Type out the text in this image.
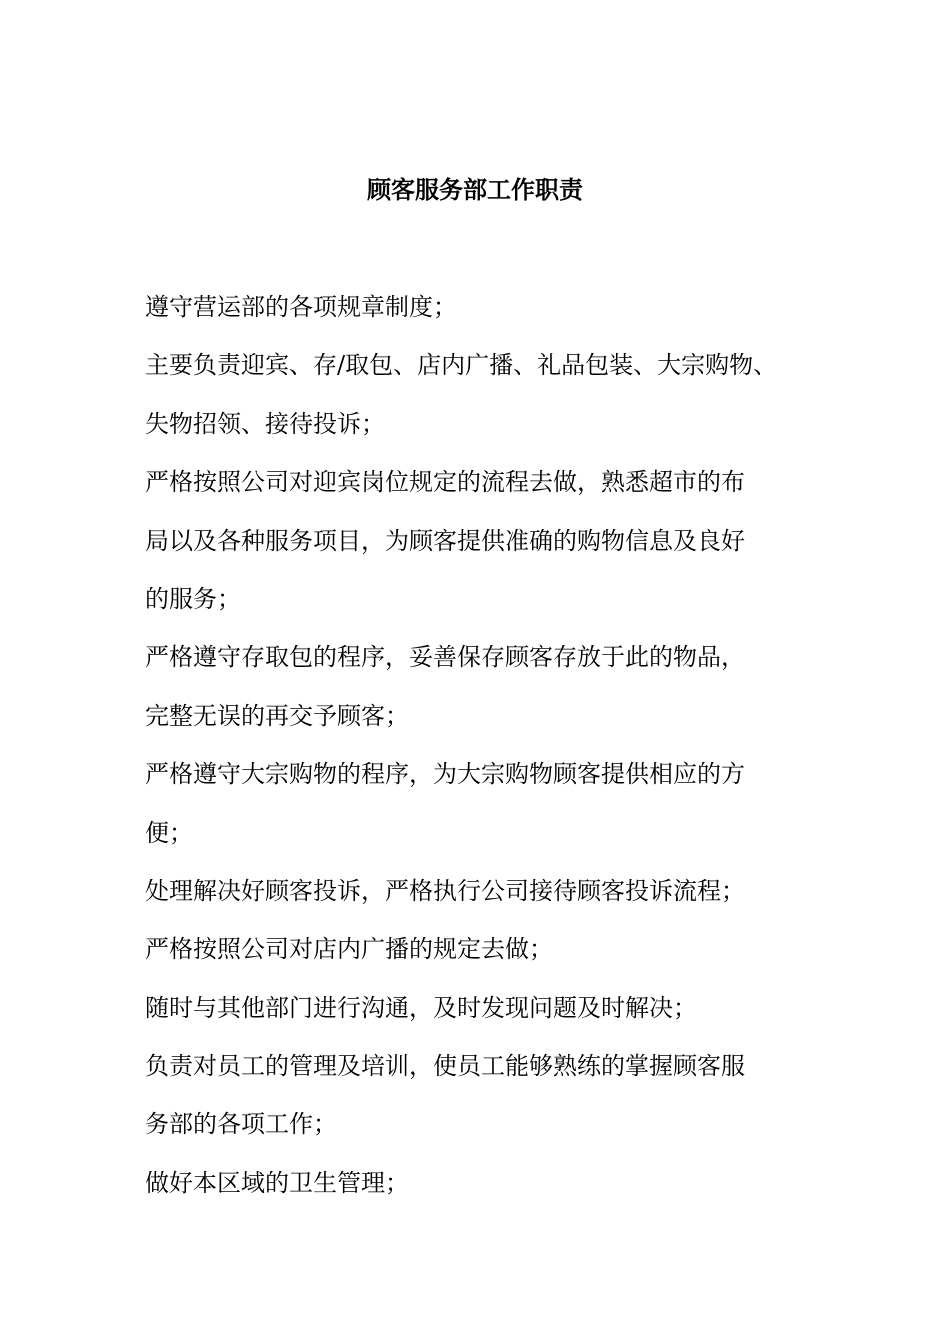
顾客服务部工作职责
遵守营运部的各项规章制度；
主要负责迎宾、存/取包、店内广播、礼品包装、大宗购物、
失物招领、接待投诉；
严格按照公司对迎宾岗位规定的流程去做，熟悉超市的布
局以及各种服务项目，为顾客提供准确的购物信息及良好
的服务；
严格遵守存取包的程序，妥善保存顾客存放于此的物品，
完整无误的再交予顾客；
严格遵守大宗购物的程序，为大宗购物顾客提供相应的方
便；
处理解决好顾客投诉，严格执行公司接待顾客投诉流程；
严格按照公司对店内广播的规定去做；
随时与其他部门进行沟通，及时发现问题及时解决；
负责对员工的管理及培训，使员工能够熟练的掌握顾客服
务部的各项工作；
做好本区域的卫生管理；
